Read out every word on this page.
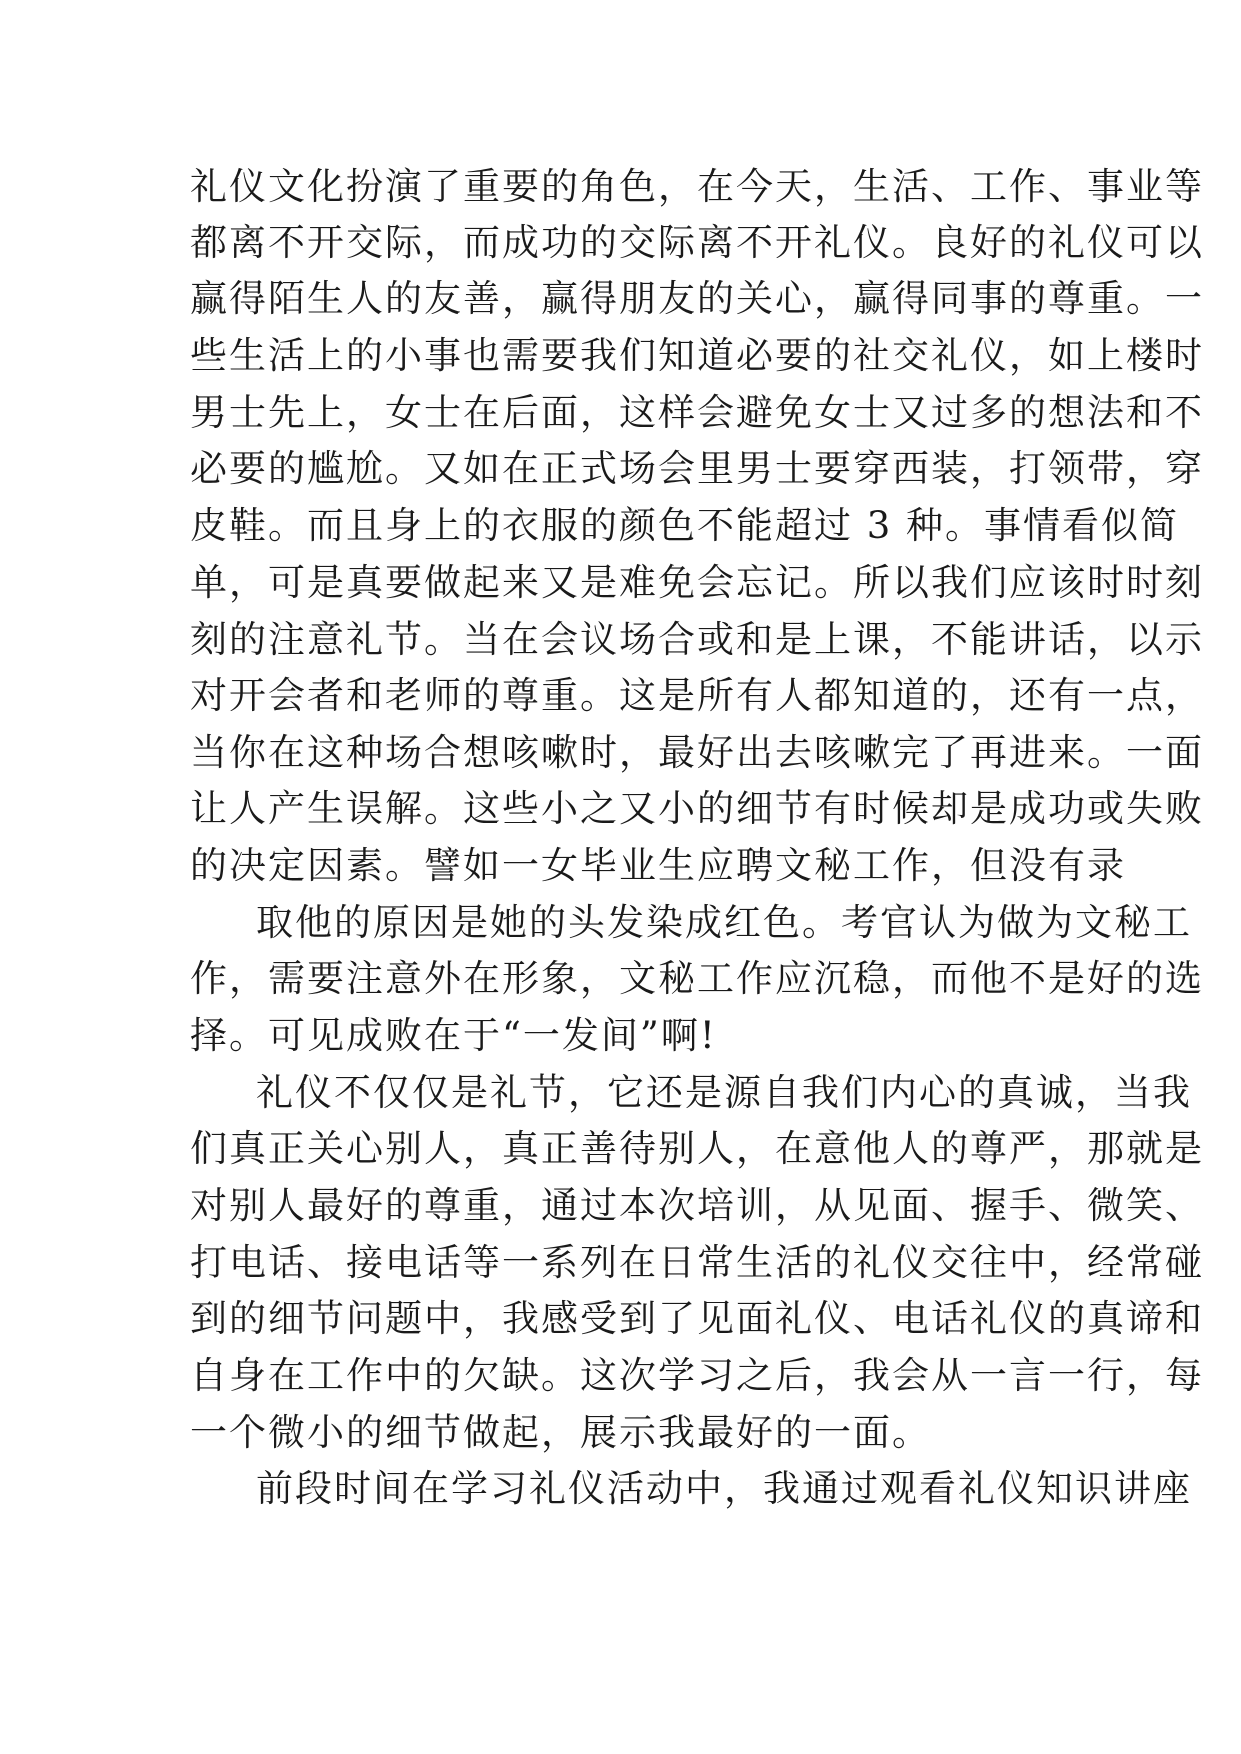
礼仪文化扮演了重要的角色，在今天，生活、工作、事业等
都离不开交际，而成功的交际离不开礼仪。良好的礼仪可以
赢得陌生人的友善，赢得朋友的关心，赢得同事的尊重。一
些生活上的小事也需要我们知道必要的社交礼仪，如上楼时
男士先上，女士在后面，这样会避免女士又过多的想法和不
必要的尴尬。又如在正式场会里男士要穿西装，打领带，穿
皮鞋。而且身上的衣服的颜色不能超过 3 种。事情看似简
单，可是真要做起来又是难免会忘记。所以我们应该时时刻
刻的注意礼节。当在会议场合或和是上课，不能讲话，以示
对开会者和老师的尊重。这是所有人都知道的，还有一点，
当你在这种场合想咳嗽时，最好出去咳嗽完了再进来。一面
让人产生误解。这些小之又小的细节有时候却是成功或失败
的决定因素。譬如一女毕业生应聘文秘工作，但没有录
取他的原因是她的头发染成红色。考官认为做为文秘工
作，需要注意外在形象，文秘工作应沉稳，而他不是好的选
择。可见成败在于“一发间”啊!
礼仪不仅仅是礼节，它还是源自我们内心的真诚，当我
们真正关心别人，真正善待别人，在意他人的尊严，那就是
对别人最好的尊重，通过本次培训，从见面、握手、微笑、
打电话、接电话等一系列在日常生活的礼仪交往中，经常碰
到的细节问题中，我感受到了见面礼仪、电话礼仪的真谛和
自身在工作中的欠缺。这次学习之后，我会从一言一行，每
一个微小的细节做起，展示我最好的一面。
前段时间在学习礼仪活动中，我通过观看礼仪知识讲座
